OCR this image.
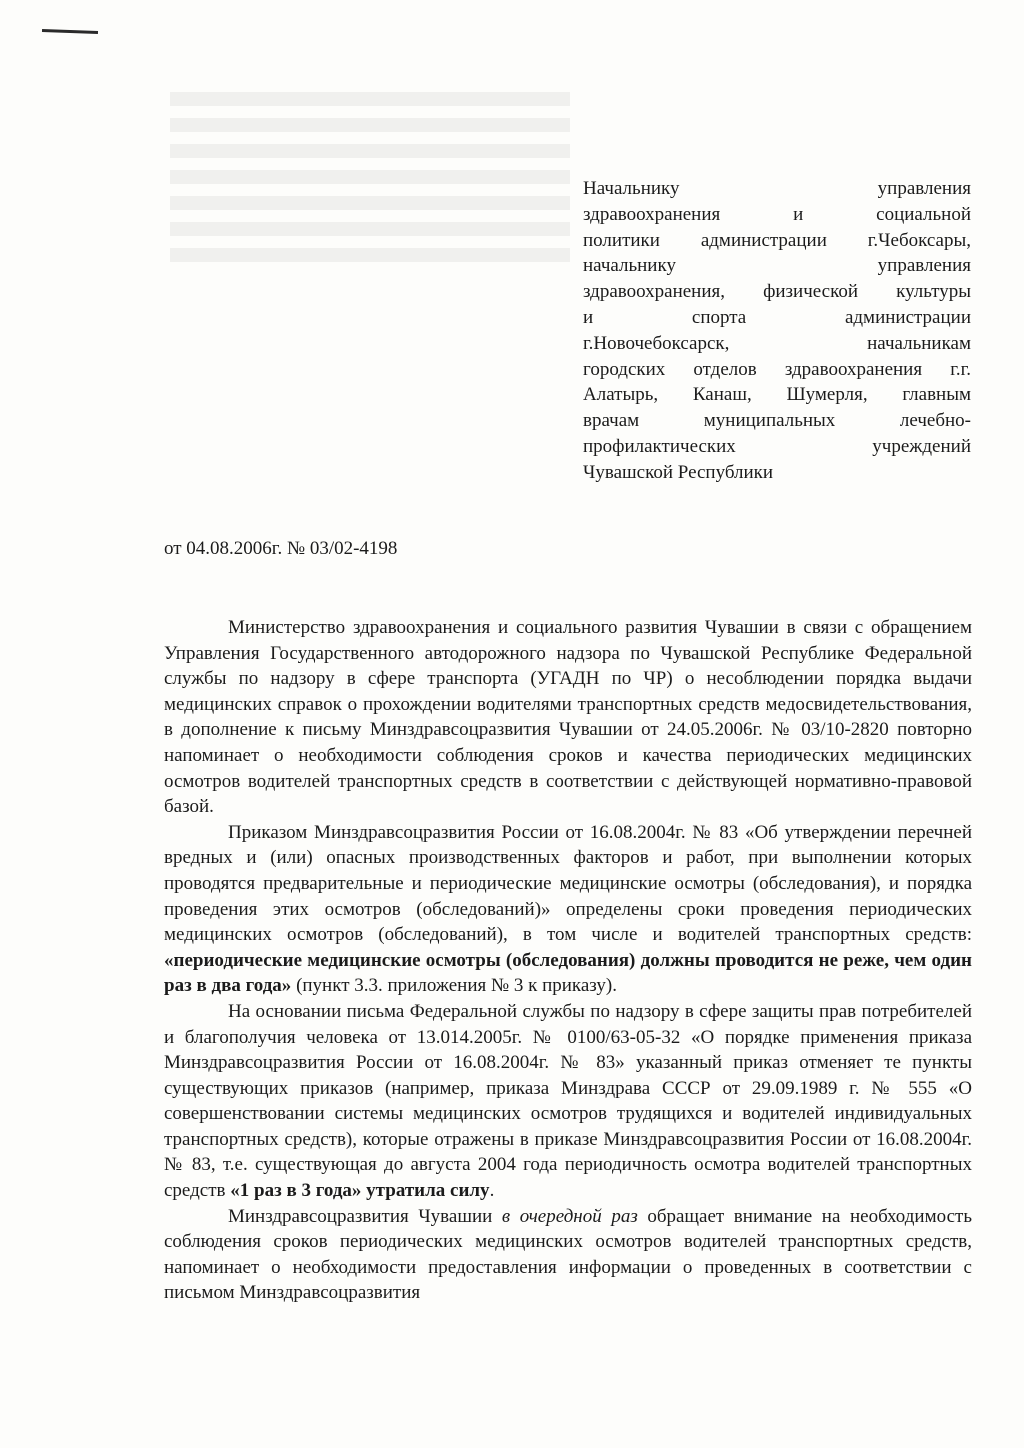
Начальнику управления
здравоохранения и социальной
политики администрации г.Чебоксары,
начальнику управления
здравоохранения, физической культуры
и спорта администрации
г.Новочебоксарск, начальникам
городских отделов здравоохранения г.г.
Алатырь, Канаш, Шумерля, главным
врачам муниципальных лечебно-
профилактических учреждений
Чувашской Республики
от 04.08.2006г. № 03/02-4198

Министерство здравоохранения и социального развития Чувашии в связи с обращением Управления Государственного автодорожного надзора по Чувашской Республике Федеральной службы по надзору в сфере транспорта (УГАДН по ЧР) о несоблюдении порядка выдачи медицинских справок о прохождении водителями транспортных средств медосвидетельствования, в дополнение к письму Минздравсоцразвития Чувашии от 24.05.2006г. № 03/10-2820 повторно напоминает о необходимости соблюдения сроков и качества периодических медицинских осмотров водителей транспортных средств в соответствии с действующей нормативно-правовой базой.

Приказом Минздравсоцразвития России от 16.08.2004г. № 83 «Об утверждении перечней вредных и (или) опасных производственных факторов и работ, при выполнении которых проводятся предварительные и периодические медицинские осмотры (обследования), и порядка проведения этих осмотров (обследований)» определены сроки проведения периодических медицинских осмотров (обследований), в том числе и водителей транспортных средств: «периодические медицинские осмотры (обследования) должны проводится не реже, чем один раз в два года» (пункт 3.3. приложения № 3 к приказу).

На основании письма Федеральной службы по надзору в сфере защиты прав потребителей и благополучия человека от 13.014.2005г. № 0100/63-05-32 «О порядке применения приказа Минздравсоцразвития России от 16.08.2004г. № 83» указанный приказ отменяет те пункты существующих приказов (например, приказа Минздрава СССР от 29.09.1989 г. № 555 «О совершенствовании системы медицинских осмотров трудящихся и водителей индивидуальных транспортных средств), которые отражены в приказе Минздравсоцразвития России от 16.08.2004г. № 83, т.е. существующая до августа 2004 года периодичность осмотра водителей транспортных средств «1 раз в 3 года» утратила силу.

Минздравсоцразвития Чувашии в очередной раз обращает внимание на необходимость соблюдения сроков периодических медицинских осмотров водителей транспортных средств, напоминает о необходимости предоставления информации о проведенных в соответствии с письмом Минздравсоцразвития
